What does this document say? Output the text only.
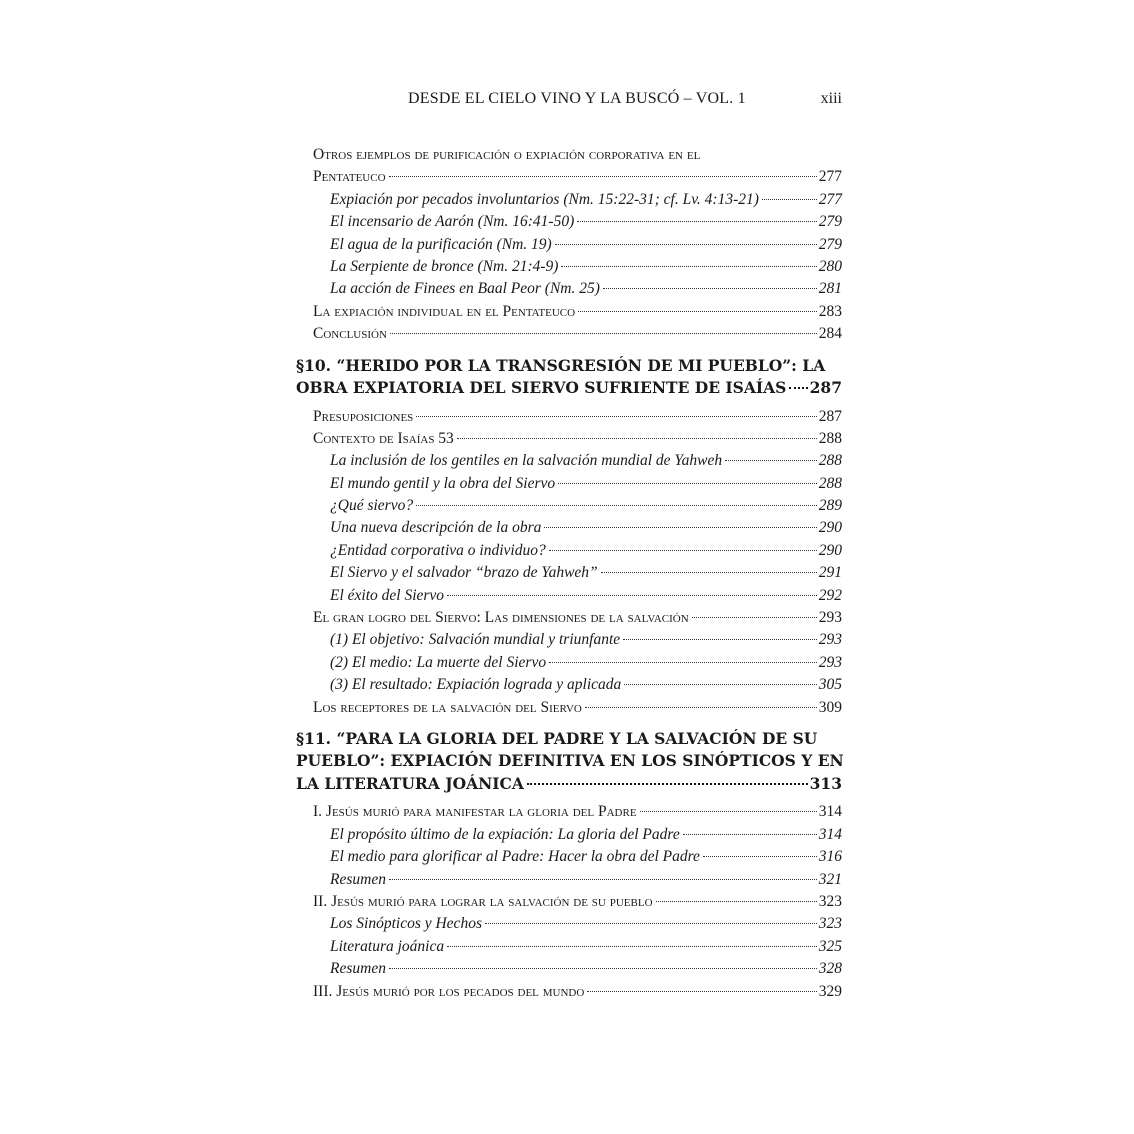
DESDE EL CIELO VINO Y LA BUSCÓ – VOL. 1	xiii
Otros ejemplos de purificación o expiación corporativa en el
Pentateuco	277
Expiación por pecados involuntarios (Nm. 15:22-31; cf. Lv. 4:13-21)	277
El incensario de Aarón (Nm. 16:41-50)	279
El agua de la purificación (Nm. 19)	279
La Serpiente de bronce (Nm. 21:4-9)	280
La acción de Finees en Baal Peor (Nm. 25)	281
La expiación individual en el Pentateuco	283
Conclusión	284
§10. “HERIDO POR LA TRANSGRESIÓN DE MI PUEBLO”: LA
OBRA EXPIATORIA DEL SIERVO SUFRIENTE DE ISAÍAS 287
Presuposiciones	287
Contexto de Isaías 53	288
La inclusión de los gentiles en la salvación mundial de Yahweh	288
El mundo gentil y la obra del Siervo	288
¿Qué siervo?	289
Una nueva descripción de la obra	290
¿Entidad corporativa o individuo?	290
El Siervo y el salvador “brazo de Yahweh”	291
El éxito del Siervo	292
El gran logro del Siervo: Las dimensiones de la salvación	293
(1) El objetivo: Salvación mundial y triunfante	293
(2) El medio: La muerte del Siervo	293
(3) El resultado: Expiación lograda y aplicada	305
Los receptores de la salvación del Siervo	309
§11. “PARA LA GLORIA DEL PADRE Y LA SALVACIÓN DE SU
PUEBLO”: EXPIACIÓN DEFINITIVA EN LOS SINÓPTICOS Y EN
LA LITERATURA JOÁNICA	313
I. Jesús murió para manifestar la gloria del Padre	314
El propósito último de la expiación: La gloria del Padre	314
El medio para glorificar al Padre: Hacer la obra del Padre	316
Resumen	321
II. Jesús murió para lograr la salvación de su pueblo	323
Los Sinópticos y Hechos	323
Literatura joánica	325
Resumen	328
III. Jesús murió por los pecados del mundo	329
